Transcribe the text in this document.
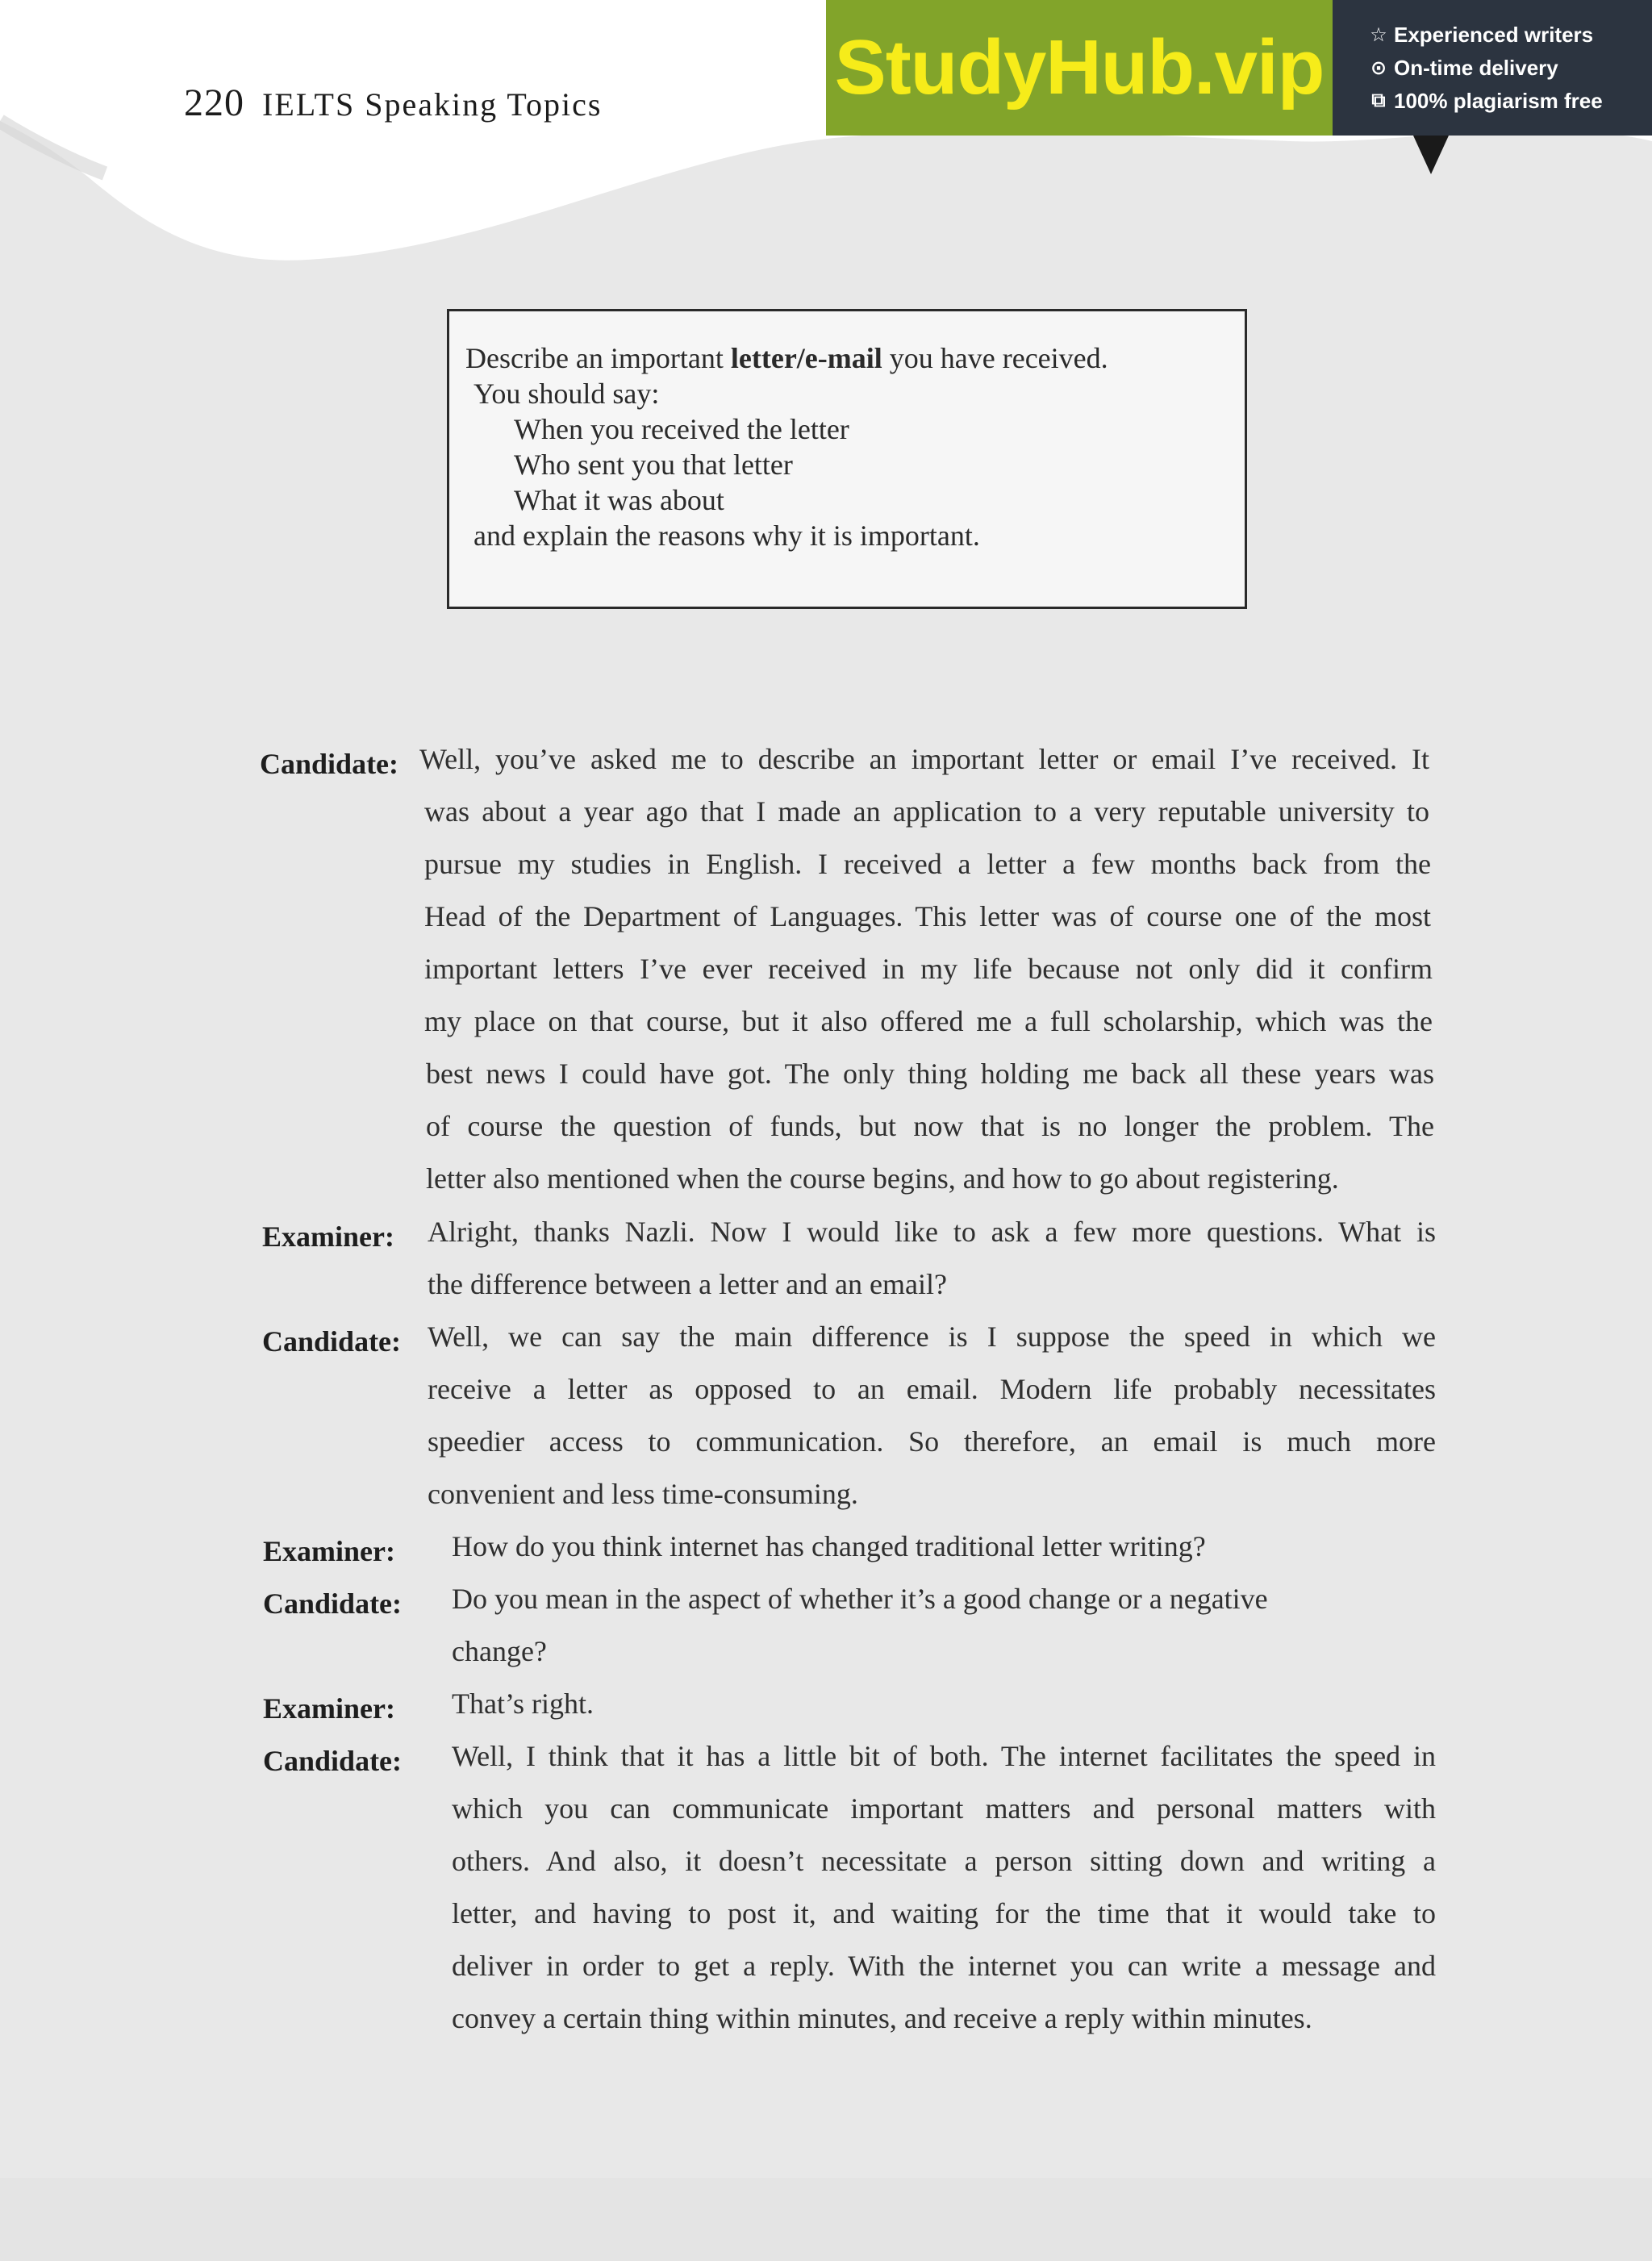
220 IELTS Speaking Topics	StudyHub.vip	☆ Experienced writers
⊙ On-time delivery
⧉ 100% plagiarism free
Describe an important letter/e-mail you have received.
You should say:
When you received the letter
Who sent you that letter
What it was about
and explain the reasons why it is important.
Candidate: Well, you’ve asked me to describe an important letter or email I’ve received. It
was about a year ago that I made an application to a very reputable university to
pursue my studies in English. I received a letter a few months back from the
Head of the Department of Languages. This letter was of course one of the most
important letters I’ve ever received in my life because not only did it confirm
my place on that course, but it also offered me a full scholarship, which was the
best news I could have got. The only thing holding me back all these years was
of course the question of funds, but now that is no longer the problem. The
letter also mentioned when the course begins, and how to go about registering.
Examiner: Alright, thanks Nazli. Now I would like to ask a few more questions. What is
the difference between a letter and an email?
Candidate: Well, we can say the main difference is I suppose the speed in which we
receive a letter as opposed to an email. Modern life probably necessitates
speedier access to communication. So therefore, an email is much more
convenient and less time-consuming.
Examiner: How do you think internet has changed traditional letter writing?
Candidate: Do you mean in the aspect of whether it’s a good change or a negative
change?
Examiner: That’s right.
Candidate: Well, I think that it has a little bit of both. The internet facilitates the speed in
which you can communicate important matters and personal matters with
others. And also, it doesn’t necessitate a person sitting down and writing a
letter, and having to post it, and waiting for the time that it would take to
deliver in order to get a reply. With the internet you can write a message and
convey a certain thing within minutes, and receive a reply within minutes.
